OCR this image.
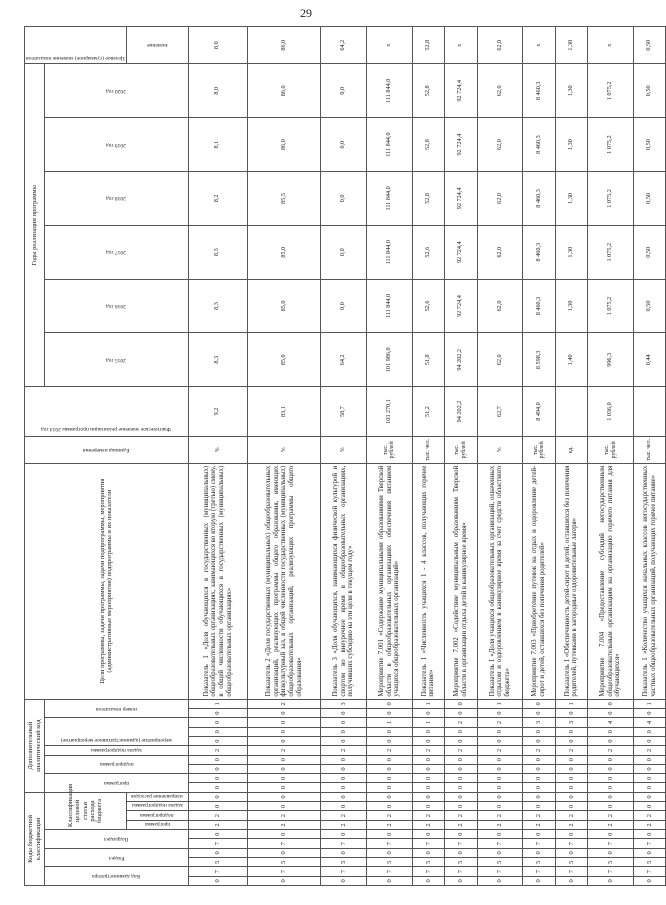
29
Коды бюджетной классификации										Дополнительный аналитический код										Цели программы, задачи программы, задачи подпрограммы, мероприятия (административные мероприятия) подпрограммы и их показатели	Единица измерения	Фактическое значение реализации программы 2014 год	Годы реализации программы						Целевое (суммарное) значение показателя

Код администратора		Раздел		Подраздел		Классификация целевой статьи расхода бюджета				программа		подпрограмма		задача подпрограммы	мероприятие (административное мероприятие)			номер показателя					2015 год	2016 год	2017 год	2018 год	2019 год	2020 год	

						программа	подпрограмма	задача подпрограммы	направление расходов																				значение

0	7	5	0	7	0	2	2	0	0	0	0	0	0	2	0	0	0	0	1	Показатель 1 «Доля обучающихся в государственных (муниципальных) общеобразовательных организациях, занимающихся во вторую (третью) смену, в общей численности обучающихся в государственных (муниципальных) общеобразовательных организациях»	%	9,2	8,3	8,3	8,3	8,2	8,1	8,0	8,0
0	7	5	0	7	0	2	2	0	0	0	0	0	0	2	0	0	0	0	2	Показатель 2 «Доля государственных (муниципальных) общеобразовательных организаций, реализующих программы общего образования, имеющих физкультурный зал, в общей численности государственных (муниципальных) общеобразовательных организаций, реализующих программы общего образования»	%	83,1	85,0	85,0	85,0	85,5	86,0	86,0	86,0
0	7	5	0	7	0	2	2	0	0	0	0	0	0	2	0	0	0	0	3	Показатель 3 «Доля обучающихся, занимающихся физической культурой и спортом во внеурочное время в общеобразовательных организациях, получивших субсидию на эти цели в текущем году»	%	58,7	64,2	0,0	0,0	0,0	0,0	0,0	64,2
0	7	5	0	7	0	2	2	0	0	0	0	0	0	2	0	0	1	0	0	Мероприятие 7.001 «Содержание муниципальными образованиями Тверской области в общеобразовательных организациях обеспечения питанием учащихся общеобразовательных организаций»	тыс. рублей	103 270,1	101 986,0	111 844,0	111 844,0	111 844,0	111 844,0	111 844,0	x
0	7	5	0	7	0	2	2	0	0	0	0	0	0	2	0	0	1	0	1	Показатель 1 «Численность учащихся 1 - 4 классов, получающих горячее питание»	тыс. чел.	51,2	51,8	52,6	52,6	52,8	52,8	52,8	52,8
0	7	5	0	7	0	2	2	0	0	0	0	0	0	2	0	0	2	0	0	Мероприятие 7.002 «Содействие муниципальным образованиям Тверской области в организации отдыха детей в каникулярное время»	тыс. рублей	94 202,2	94 202,2	92 724,4	92 724,4	92 724,4	92 724,4	92 724,4	x
0	7	5	0	7	0	2	2	0	0	0	0	0	0	2	0	0	2	0	1	Показатель 1 «Доля учащихся общеобразовательных организаций, охваченных отдыхом и оздоровлением в каникулярное время за счет средств областного бюджета»	%	62,7	62,0	62,0	62,0	62,0	62,0	62,0	62,0
0	7	5	0	7	0	2	2	0	0	0	0	0	0	2	0	0	3	0	0	Мероприятие 7.003 «Приобретение путевок на отдых и оздоровление детей-сирот и детей, оставшихся без попечения родителей»	тыс. рублей	8 494,0	8 598,3	8 460,3	8 460,3	8 460,3	8 460,3	8 460,3	x
0	7	5	0	7	0	2	2	0	0	0	0	0	0	2	0	0	3	0	1	Показатель 1 «Обеспеченность детей-сирот и детей, оставшихся без попечения родителей, путевками в загородные оздоровительные лагеря»	ед.		1,40	1,30	1,30	1,30	1,30	1,30	1,30
0	7	5	0	7	0	2	2	0	0	0	0	0	0	2	0	0	4	0	0	Мероприятие 7.004 «Предоставление субсидий негосударственным общеобразовательным организациям на организацию горячего питания для обучающихся»	тыс. рублей	1 036,0	996,3	1 075,2	1 075,2	1 075,2	1 075,2	1 075,2	x
0	7	5	0	7	0	2	2	0	0	0	0	0	0	2	0	0	4	0	1	Показатель 1 «Количество учащихся начальных классов негосударственных частных общеобразовательных организаций, получающих горячее питание»	тыс. чел.		0,44	0,50	0,50	0,50	0,50	0,50	0,50
